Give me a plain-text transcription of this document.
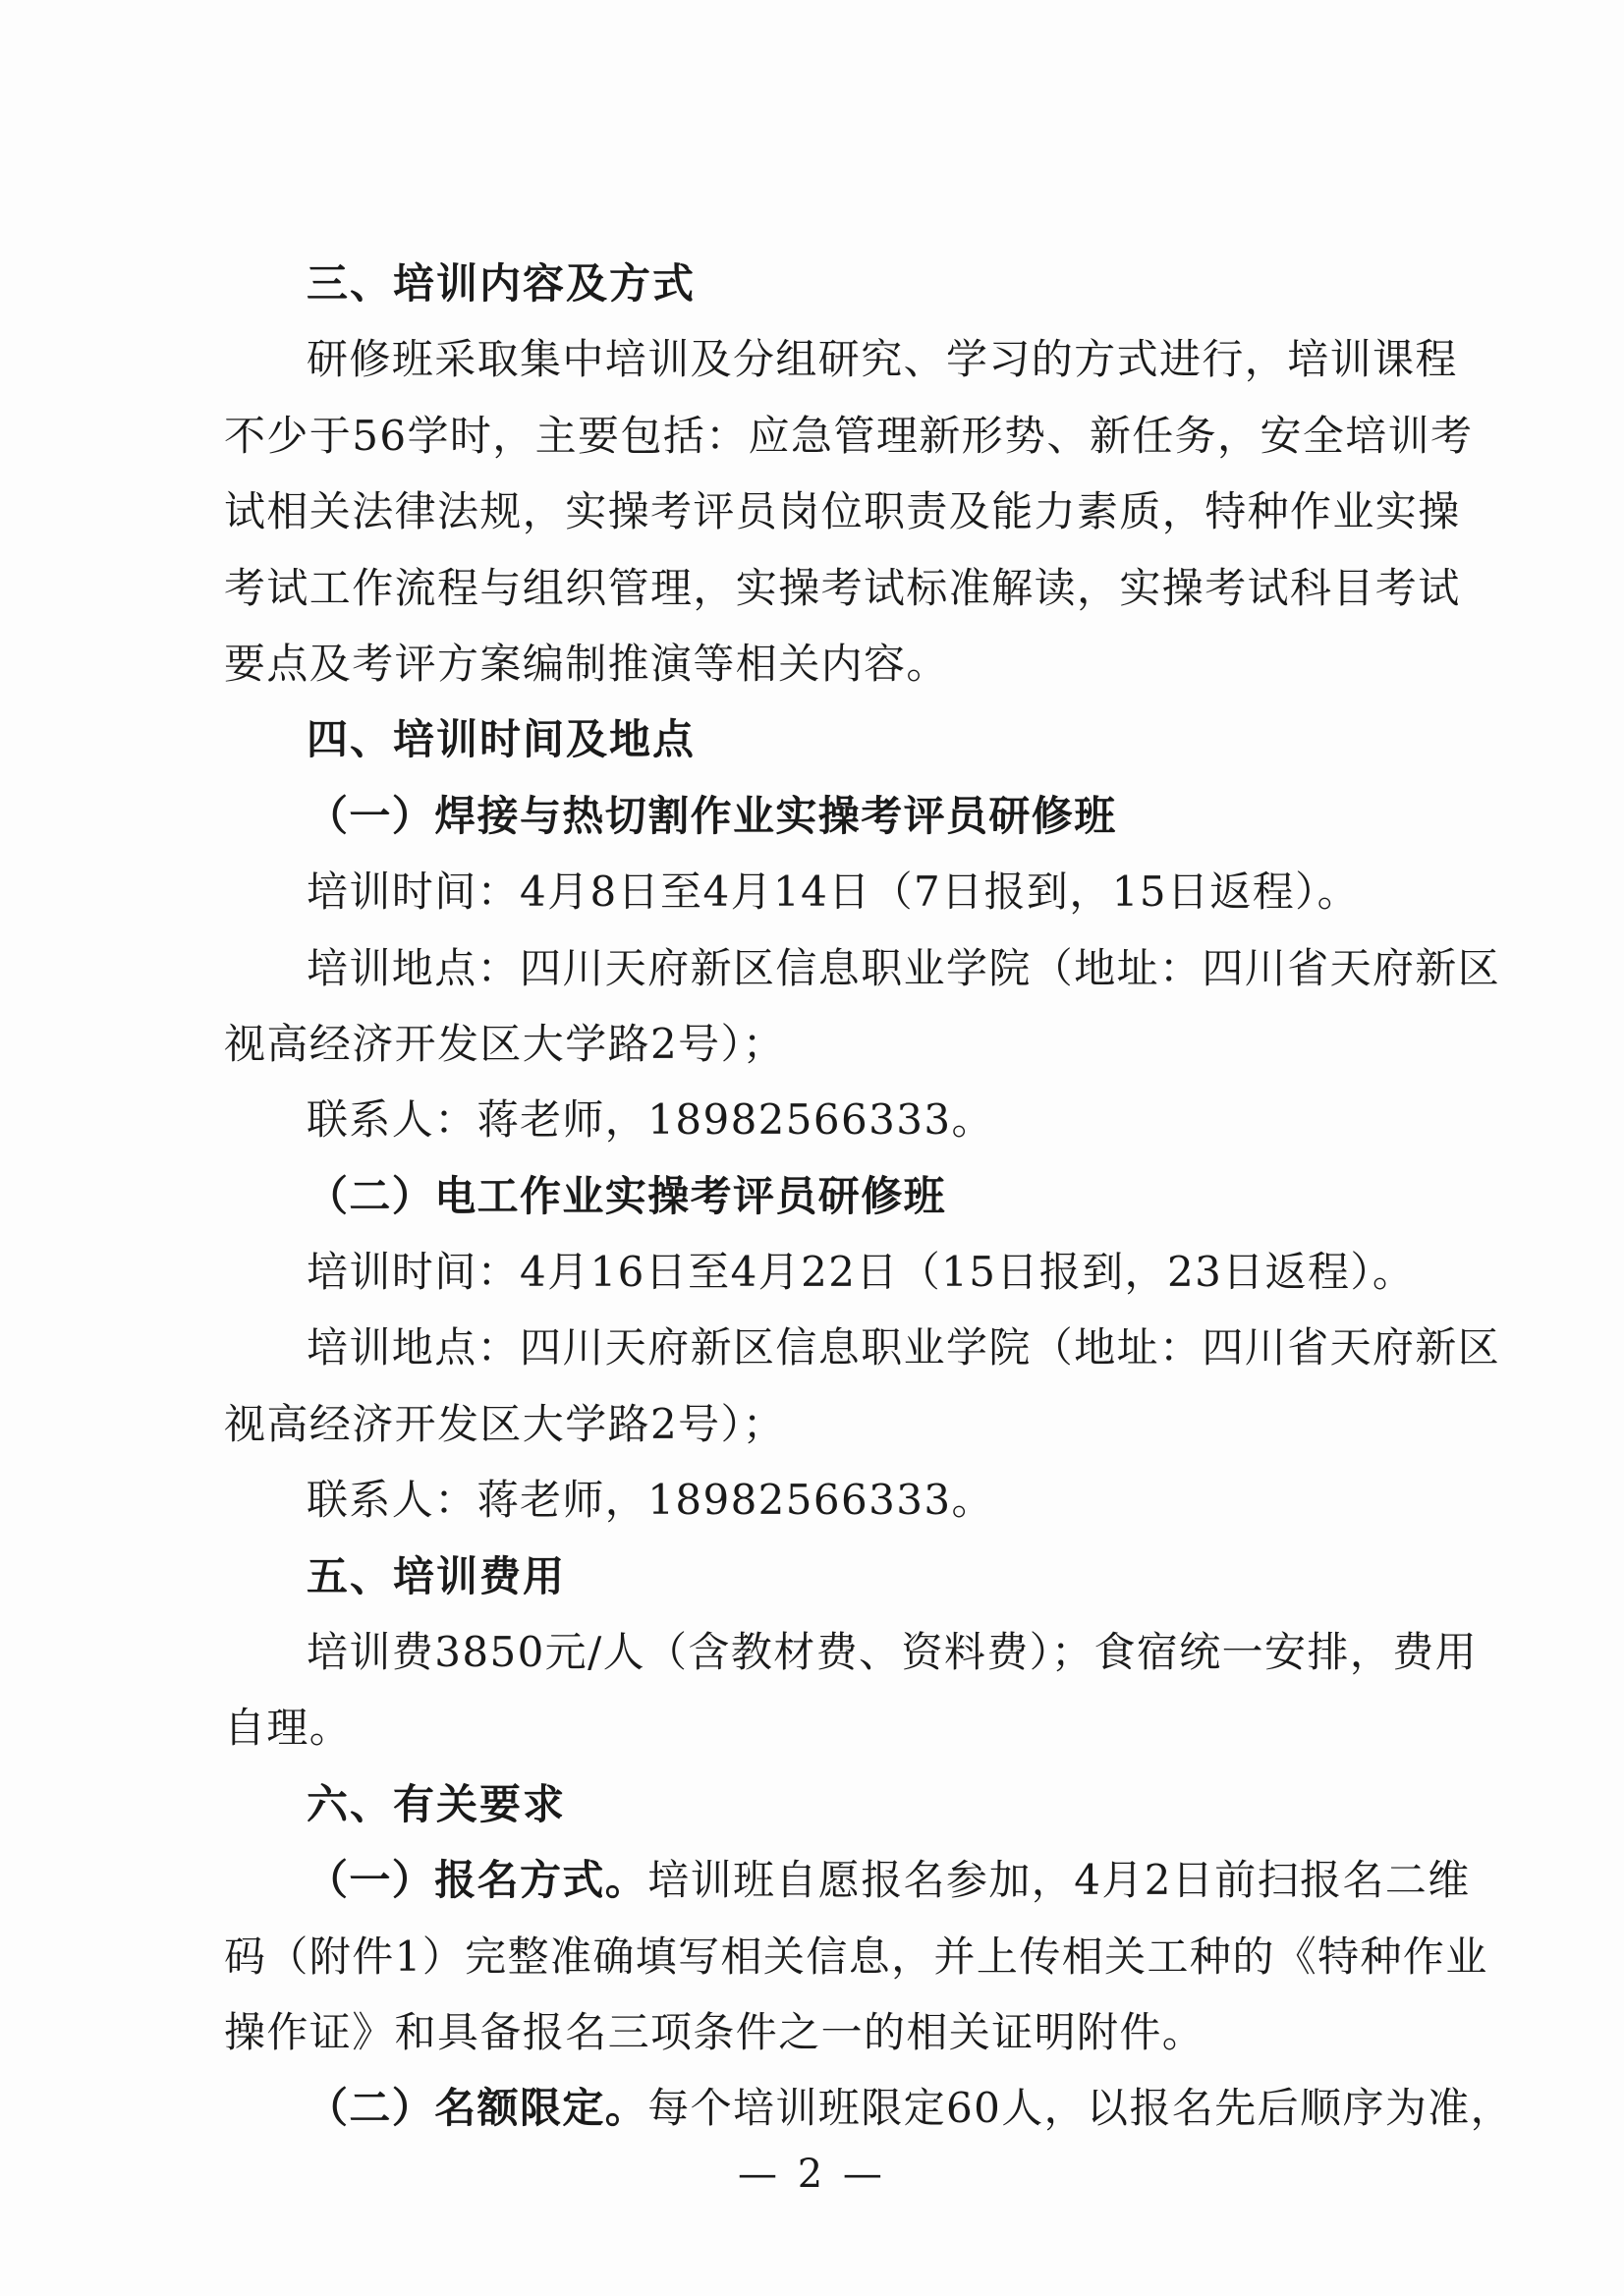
三、培训内容及方式
研修班采取集中培训及分组研究、学习的方式进行，培训课程
不少于56学时，主要包括：应急管理新形势、新任务，安全培训考
试相关法律法规，实操考评员岗位职责及能力素质，特种作业实操
考试工作流程与组织管理，实操考试标准解读，实操考试科目考试
要点及考评方案编制推演等相关内容。
四、培训时间及地点
（一）焊接与热切割作业实操考评员研修班
培训时间：4月8日至4月14日（7日报到，15日返程）。
培训地点：四川天府新区信息职业学院（地址：四川省天府新区
视高经济开发区大学路2号）；
联系人：蒋老师，18982566333。
（二）电工作业实操考评员研修班
培训时间：4月16日至4月22日（15日报到，23日返程）。
培训地点：四川天府新区信息职业学院（地址：四川省天府新区
视高经济开发区大学路2号）；
联系人：蒋老师，18982566333。
五、培训费用
培训费3850元/人（含教材费、资料费）；食宿统一安排，费用
自理。
六、有关要求
（一）报名方式。培训班自愿报名参加，4月2日前扫报名二维
码（附件1）完整准确填写相关信息，并上传相关工种的《特种作业
操作证》和具备报名三项条件之一的相关证明附件。
（二）名额限定。每个培训班限定60人，以报名先后顺序为准，
— 2 —
